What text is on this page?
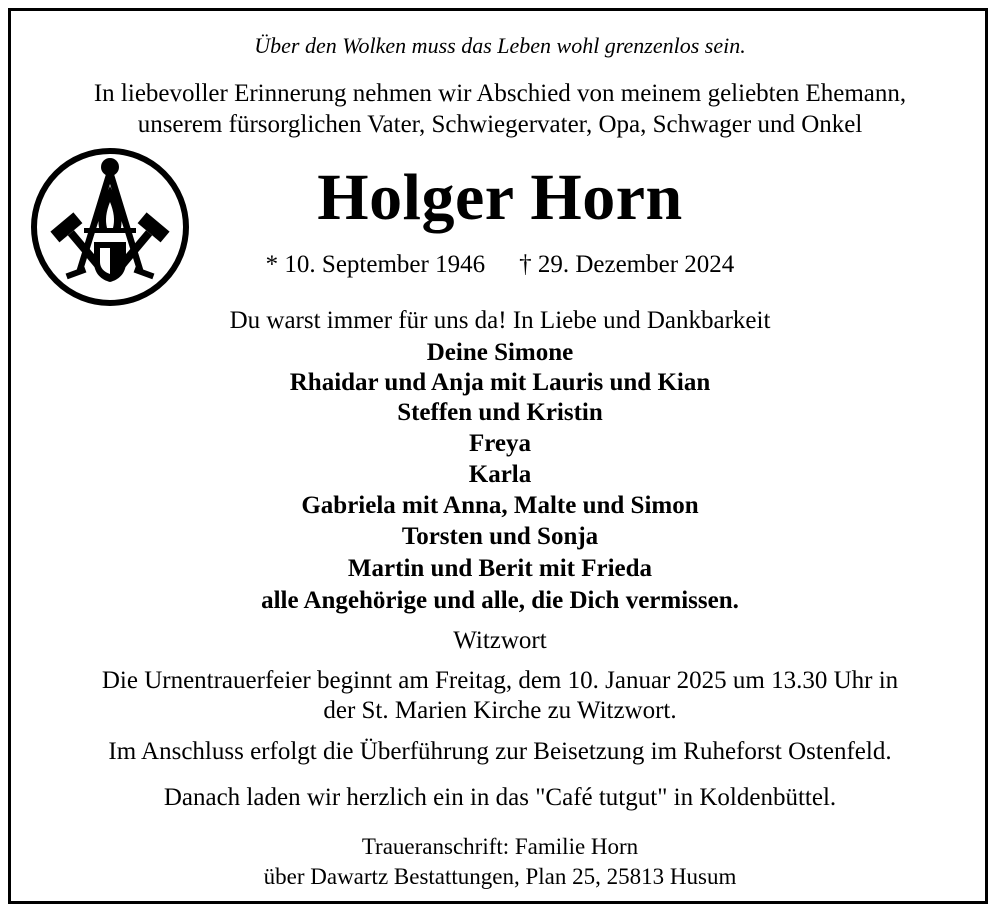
Über den Wolken muss das Leben wohl grenzenlos sein.
In liebevoller Erinnerung nehmen wir Abschied von meinem geliebten Ehemann,
unserem fürsorglichen Vater, Schwiegervater, Opa, Schwager und Onkel
Holger Horn
* 10. September 1946 † 29. Dezember 2024
Du warst immer für uns da! In Liebe und Dankbarkeit
Deine Simone
Rhaidar und Anja mit Lauris und Kian
Steffen und Kristin
Freya
Karla
Gabriela mit Anna, Malte und Simon
Torsten und Sonja
Martin und Berit mit Frieda
alle Angehörige und alle, die Dich vermissen.
Witzwort
Die Urnentrauerfeier beginnt am Freitag, dem 10. Januar 2025 um 13.30 Uhr in
der St. Marien Kirche zu Witzwort.
Im Anschluss erfolgt die Überführung zur Beisetzung im Ruheforst Ostenfeld.
Danach laden wir herzlich ein in das "Café tutgut" in Koldenbüttel.
Traueranschrift: Familie Horn
über Dawartz Bestattungen, Plan 25, 25813 Husum
